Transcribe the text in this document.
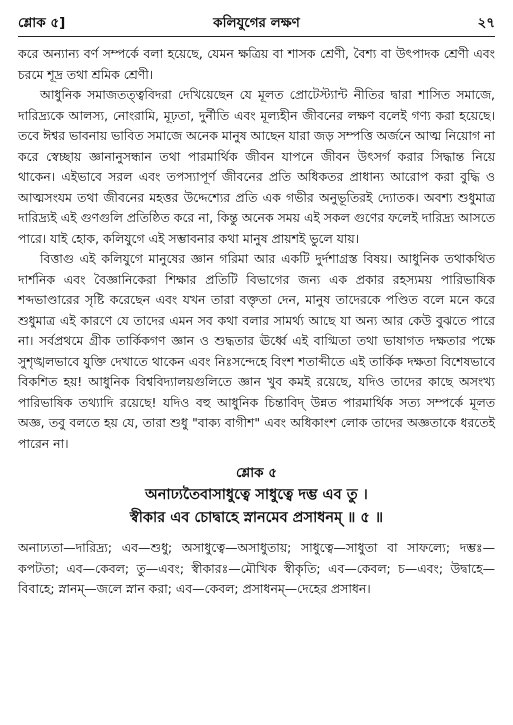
শ্লোক ৫]	কলিযুগের লক্ষণ	২৭

করে অন্যান্য বর্ণ সম্পর্কে বলা হয়েছে, যেমন ক্ষত্রিয় বা শাসক শ্রেণী, বৈশ্য বা উৎপাদক শ্রেণী এবং চরমে শূদ্র তথা শ্রমিক শ্রেণী।

আধুনিক সমাজতত্ত্ববিদরা দেখিয়েছেন যে মূলত প্রোটেস্ট্যান্ট নীতির দ্বারা শাসিত সমাজে, দারিদ্র্যকে আলস্য, নোংরামি, মূঢ়তা, দুর্নীতি এবং মূল্যহীন জীবনের লক্ষণ বলেই গণ্য করা হয়েছে। তবে ঈশ্বর ভাবনায় ভাবিত সমাজে অনেক মানুষ আছেন যারা জড় সম্পত্তি অর্জনে আত্ম নিয়োগ না করে স্বেচ্ছায় জ্ঞানানুসন্ধান তথা পারমার্থিক জীবন যাপনে জীবন উৎসর্গ করার সিদ্ধান্ত নিয়ে থাকেন। এইভাবে সরল এবং তপস্যাপূর্ণ জীবনের প্রতি অধিকতর প্রাধান্য আরোপ করা বুদ্ধি ও আত্মসংযম তথা জীবনের মহত্তর উদ্দেশ্যের প্রতি এক গভীর অনুভূতিরই দ্যোতক। অবশ্য শুধুমাত্র দারিদ্র্যই এই গুণগুলি প্রতিষ্ঠিত করে না, কিন্তু অনেক সময় এই সকল গুণের ফলেই দারিদ্র্য আসতে পারে। যাই হোক, কলিযুগে এই সম্ভাবনার কথা মানুষ প্রায়শই ভুলে যায়।

বিত্তাগু এই কলিযুগে মানুষের জ্ঞান গরিমা আর একটি দুর্দশাগ্রস্ত বিষয়। আধুনিক তথাকথিত দার্শনিক এবং বৈজ্ঞানিকেরা শিক্ষার প্রতিটি বিভাগের জন্য এক প্রকার রহস্যময় পারিভাষিক শব্দভাণ্ডারের সৃষ্টি করেছেন এবং যখন তারা বক্তৃতা দেন, মানুষ তাদেরকে পণ্ডিত বলে মনে করে শুধুমাত্র এই কারণে যে তাদের এমন সব কথা বলার সামর্থ্য আছে যা অন্য আর কেউ বুঝতে পারে না। সর্বপ্রথমে গ্রীক তার্কিকগণ জ্ঞান ও শুদ্ধতার ঊর্ধ্বে এই বাগ্মিতা তথা ভাষাগত দক্ষতার পক্ষে সুশৃঙ্খলভাবে যুক্তি দেখাতে থাকেন এবং নিঃসন্দেহে বিংশ শতাব্দীতে এই তার্কিক দক্ষতা বিশেষভাবে বিকশিত হয়! আধুনিক বিশ্ববিদ্যালয়গুলিতে জ্ঞান খুব কমই রয়েছে, যদিও তাদের কাছে অসংখ্য পারিভাষিক তথ্যাদি রয়েছে! যদিও বহু আধুনিক চিন্তাবিদ্ উন্নত পারমার্থিক সত্য সম্পর্কে মূলত অজ্ঞ, তবু বলতে হয় যে, তারা শুধু "বাক্য বাগীশ" এবং অধিকাংশ লোক তাদের অজ্ঞতাকে ধরতেই পারেন না।

শ্লোক ৫
অনাঢ্যতৈবাসাধুত্বে সাধুত্বে দম্ভ এব তু ।
স্বীকার এব চোদ্বাহে স্নানমেব প্রসাধনম্ ॥ ৫ ॥
অনাঢ্যতা—দারিদ্র্য; এব—শুধু; অসাধুত্বে—অসাধুতায়; সাধুত্বে—সাধুতা বা সাফল্যে; দম্ভঃ—কপটতা; এব—কেবল; তু—এবং; স্বীকারঃ—মৌখিক স্বীকৃতি; এব—কেবল; চ—এবং; উদ্বাহে—বিবাহে; স্নানম্—জলে স্নান করা; এব—কেবল; প্রসাধনম্—দেহের প্রসাধন।
